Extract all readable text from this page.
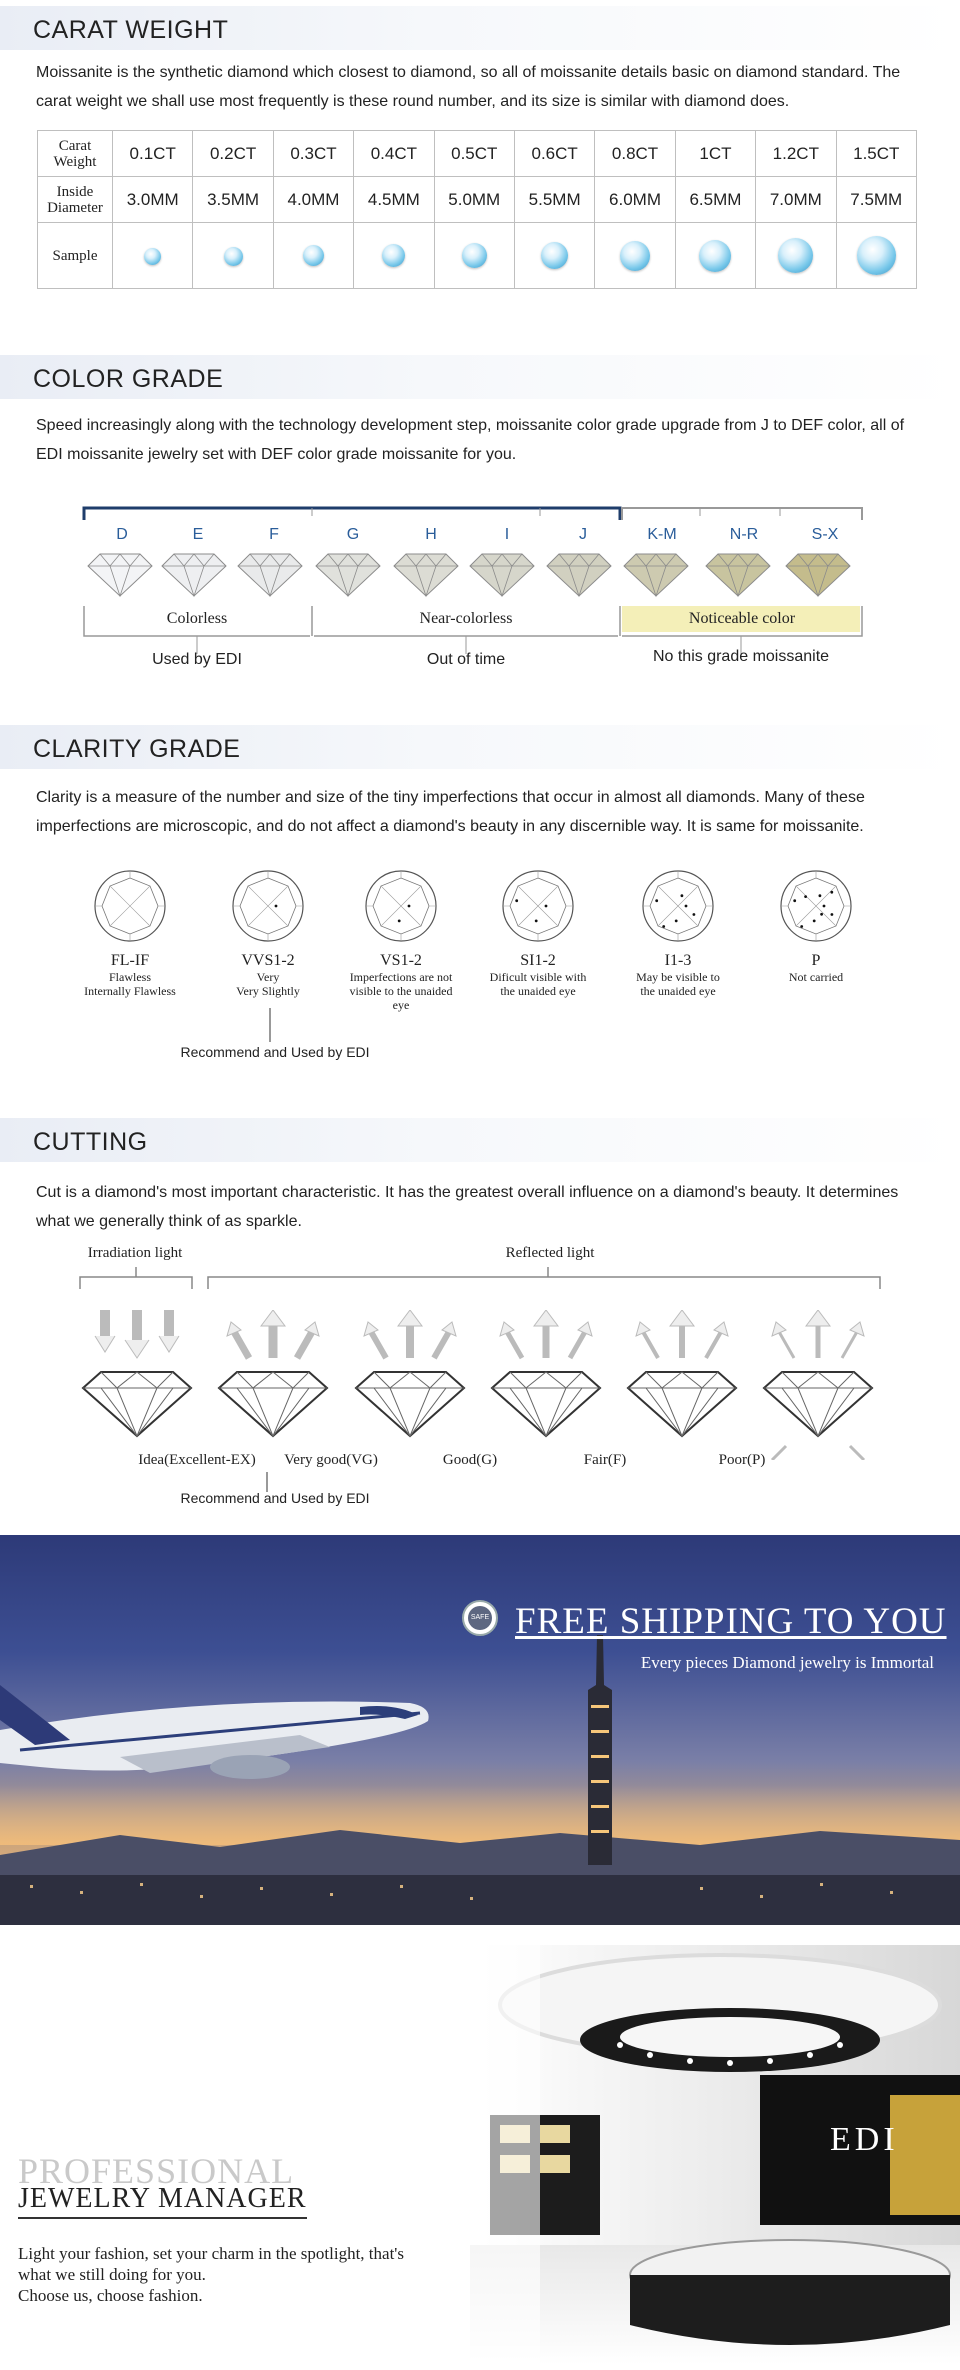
CARAT WEIGHT
Moissanite is the synthetic diamond which closest to diamond, so all of moissanite details basic on diamond standard. The carat weight we shall use most frequently is these round number, and its size is similar with diamond does.
Carat
Weight	0.1CT	0.2CT	0.3CT	0.4CT	0.5CT	0.6CT	0.8CT	1CT	1.2CT	1.5CT
Inside
Diameter	3.0MM	3.5MM	4.0MM	4.5MM	5.0MM	5.5MM	6.0MM	6.5MM	7.0MM	7.5MM
Sample										
COLOR GRADE
Speed increasingly along with the technology development step, moissanite color grade upgrade from J to DEF color, all of EDI moissanite jewelry set with DEF color grade moissanite for you.
D	E	F	G	H	I	J	K-M	N-R	S-X
Colorless	Near-colorless	Noticeable color
Used by EDI	Out of time	No this grade moissanite
CLARITY GRADE
Clarity is a measure of the number and size of the tiny imperfections that occur in almost all diamonds. Many of these imperfections are microscopic, and do not affect a diamond's beauty in any discernible way. It is same for moissanite.
FL-IF
Flawless
Internally Flawless
VVS1-2
Very
Very Slightly
VS1-2
Imperfections are not
visible to the unaided eye
SI1-2
Dificult visible with
the unaided eye
I1-3
May be visible to
the unaided eye
P
Not carried
Recommend and Used by EDI
CUTTING
Cut is a diamond's most important characteristic. It has the greatest overall influence on a diamond's beauty. It determines what we generally think of as sparkle.
Irradiation light	Reflected light
Recommend and Used by EDI
SAFE FREE SHIPPING TO YOU
Every pieces Diamond jewelry is Immortal
EDI
PROFESSIONAL
JEWELRY MANAGER
Light your fashion, set your charm in the spotlight, that's
what we still doing for you.
Choose us, choose fashion.
Idea(Excellent-EX)	Very good(VG)	Good(G)	Fair(F)	Poor(P)
